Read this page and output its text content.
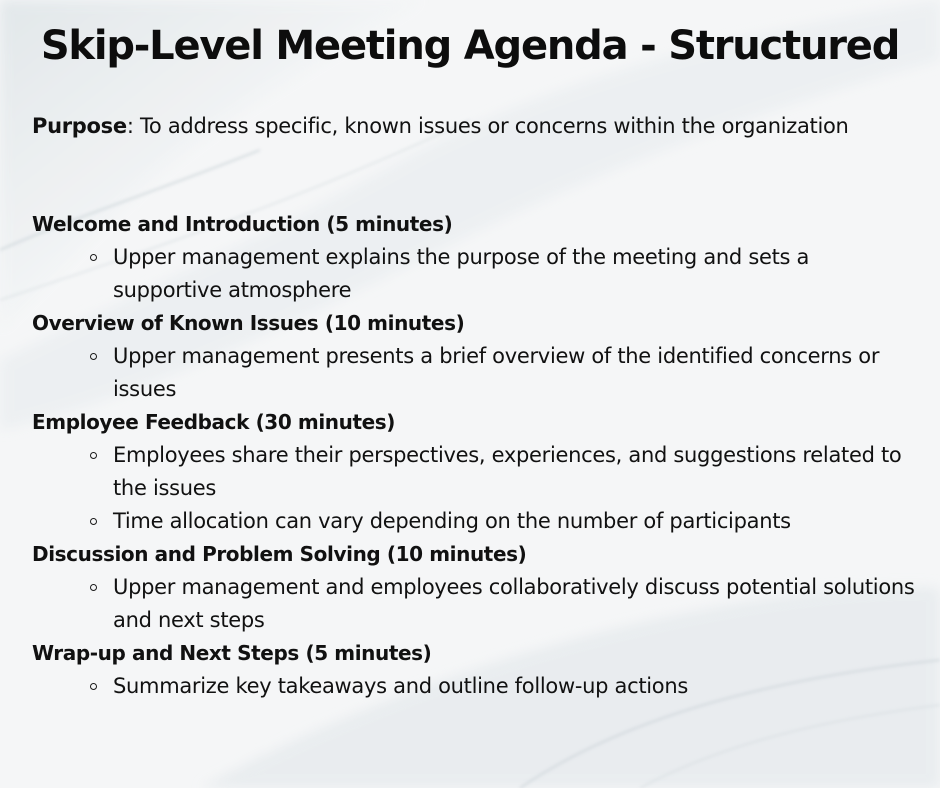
Skip-Level Meeting Agenda - Structured
Purpose: To address specific, known issues or concerns within the organization
Welcome and Introduction (5 minutes)
Upper management explains the purpose of the meeting and sets a supportive atmosphere
Overview of Known Issues (10 minutes)
Upper management presents a brief overview of the identified concerns or issues
Employee Feedback (30 minutes)
Employees share their perspectives, experiences, and suggestions related to the issues
Time allocation can vary depending on the number of participants
Discussion and Problem Solving (10 minutes)
Upper management and employees collaboratively discuss potential solutions and next steps
Wrap-up and Next Steps (5 minutes)
Summarize key takeaways and outline follow-up actions
